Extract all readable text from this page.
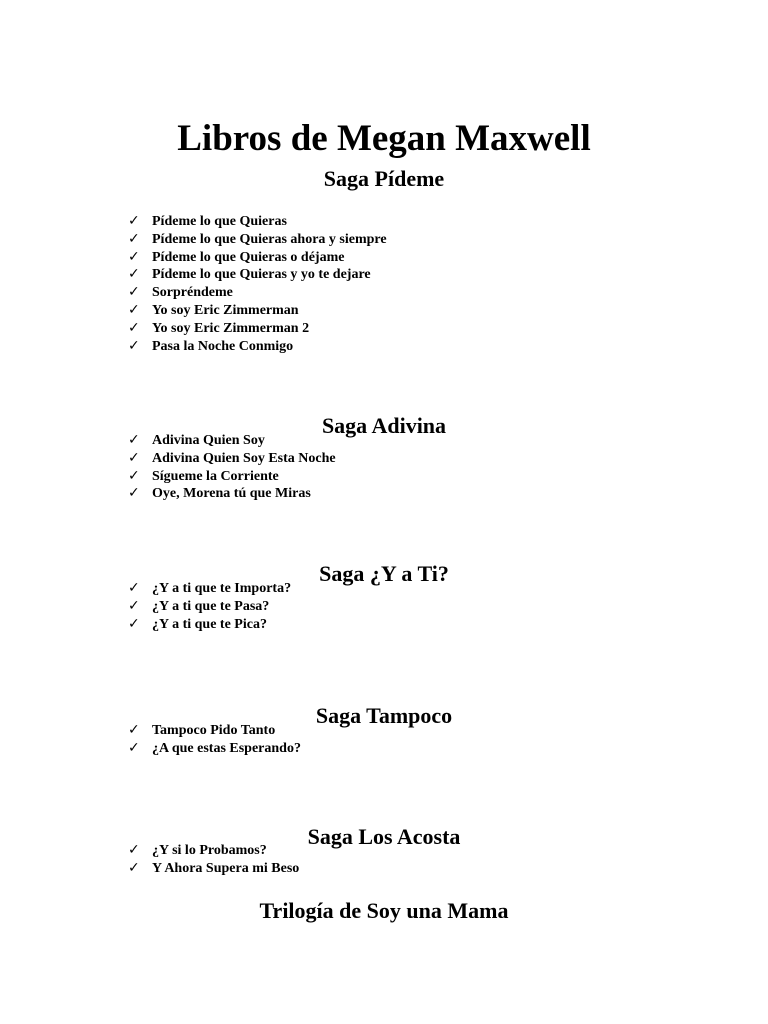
Libros de Megan Maxwell
Saga Pídeme
✓ Pídeme lo que Quieras
✓ Pídeme lo que Quieras ahora y siempre
✓ Pídeme lo que Quieras o déjame
✓ Pídeme lo que Quieras y yo te dejare
✓ Sorpréndeme
✓ Yo soy Eric Zimmerman
✓ Yo soy Eric Zimmerman 2
✓ Pasa la Noche Conmigo
Saga Adivina
✓ Adivina Quien Soy
✓ Adivina Quien Soy Esta Noche
✓ Sígueme la Corriente
✓ Oye, Morena tú que Miras
Saga ¿Y a Ti?
✓ ¿Y a ti que te Importa?
✓ ¿Y a ti que te Pasa?
✓ ¿Y a ti que te Pica?
Saga Tampoco
✓ Tampoco Pido Tanto
✓ ¿A que estas Esperando?
Saga Los Acosta
✓ ¿Y si lo Probamos?
✓ Y Ahora Supera mi Beso
Trilogía de Soy una Mama
